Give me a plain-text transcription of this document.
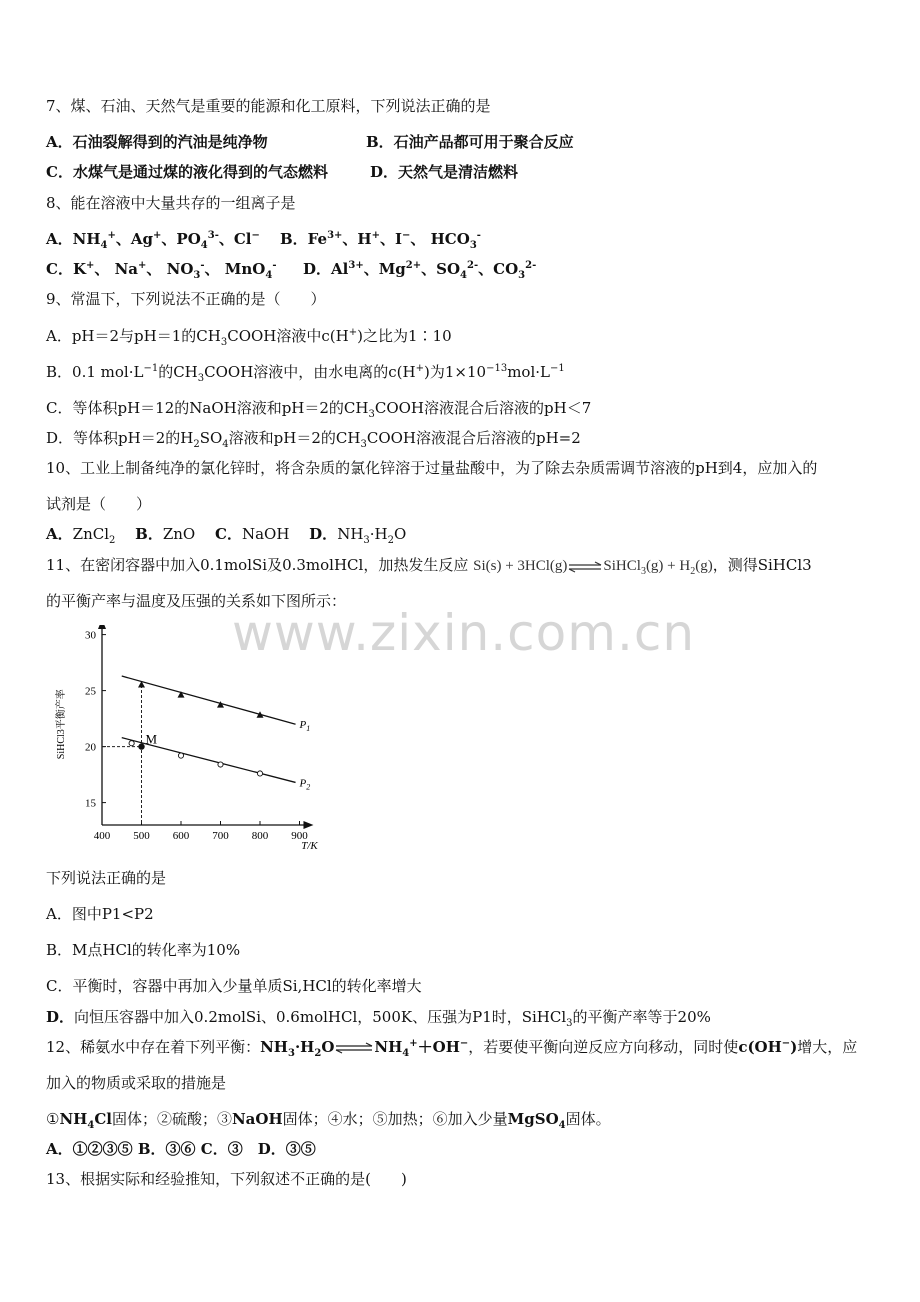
www.zixin.com.cn
7、煤、石油、天然气是重要的能源和化工原料，下列说法正确的是
A．石油裂解得到的汽油是纯净物	B．石油产品都可用于聚合反应
C．水煤气是通过煤的液化得到的气态燃料	D．天然气是清洁燃料
8、能在溶液中大量共存的一组离子是
A．$NH_4^+$、Ag+、$PO_4^{3-}$、Cl− B．$Fe^{3+}$、H+、I−、 $HCO_3^-$
C．K+、 Na+、 $NO_3^-$、 MnO$_4$- D．$Al^{3+}$、$Mg^{2+}$、$SO_4^{2-}$、$CO_3^{2-}$
9、常温下，下列说法不正确的是（　　）
A．pH＝2与pH＝1的$CH_3COOH$溶液中c(H+)之比为1∶10
B．0.1 $mol\cdot L^{-1}$的$CH_3COOH$溶液中，由水电离的c(H+)为$1\times 10^{-13}mol\cdot L^{-1}$
C．等体积pH＝12的NaOH溶液和pH＝2的$CH_3COOH$溶液混合后溶液的pH＜7
D．等体积pH＝2的$H_2SO_4$溶液和pH＝2的$CH_3COOH$溶液混合后溶液的pH=2
10、工业上制备纯净的氯化锌时，将含杂质的氯化锌溶于过量盐酸中，为了除去杂质需调节溶液的pH到4，应加入的
试剂是（　　）
A．ZnCl$_2$　 B．ZnO　 C．NaOH　 D．$NH_3\cdot H_2O$
11、在密闭容器中加入0.1molSi及0.3molHCl，加热发生反应 Si(s) + 3HCl(g)⇌SiHCl$_3$(g) + $H_2(g)$，测得SiHCl3
的平衡产率与温度及压强的关系如下图所示：
400 500 600 700 800 900
15
20
25
30
T/K
SiHCl3平衡产率	$P_1$
$P_2$
M
下列说法正确的是
A．图中P1<P2
B．M点HCl的转化率为10%
C．平衡时，容器中再加入少量单质Si,HCl的转化率增大
D．向恒压容器中加入0.2molSi、0.6molHCl，500K、压强为P1时，SiHCl$_3$的平衡产率等于20%
12、稀氨水中存在着下列平衡：$NH_3\cdot H_2O\rightleftharpoons NH_4^++OH^-$，若要使平衡向逆反应方向移动，同时使c(OH−)增大，应
加入的物质或采取的措施是
$①NH_4Cl$固体；②硫酸；③NaOH固体；④水；⑤加热；⑥加入少量MgSO$_4$固体。
A．①②③⑤ B．③⑥ C．③　D．③⑤
13、根据实际和经验推知，下列叙述不正确的是(　　)
